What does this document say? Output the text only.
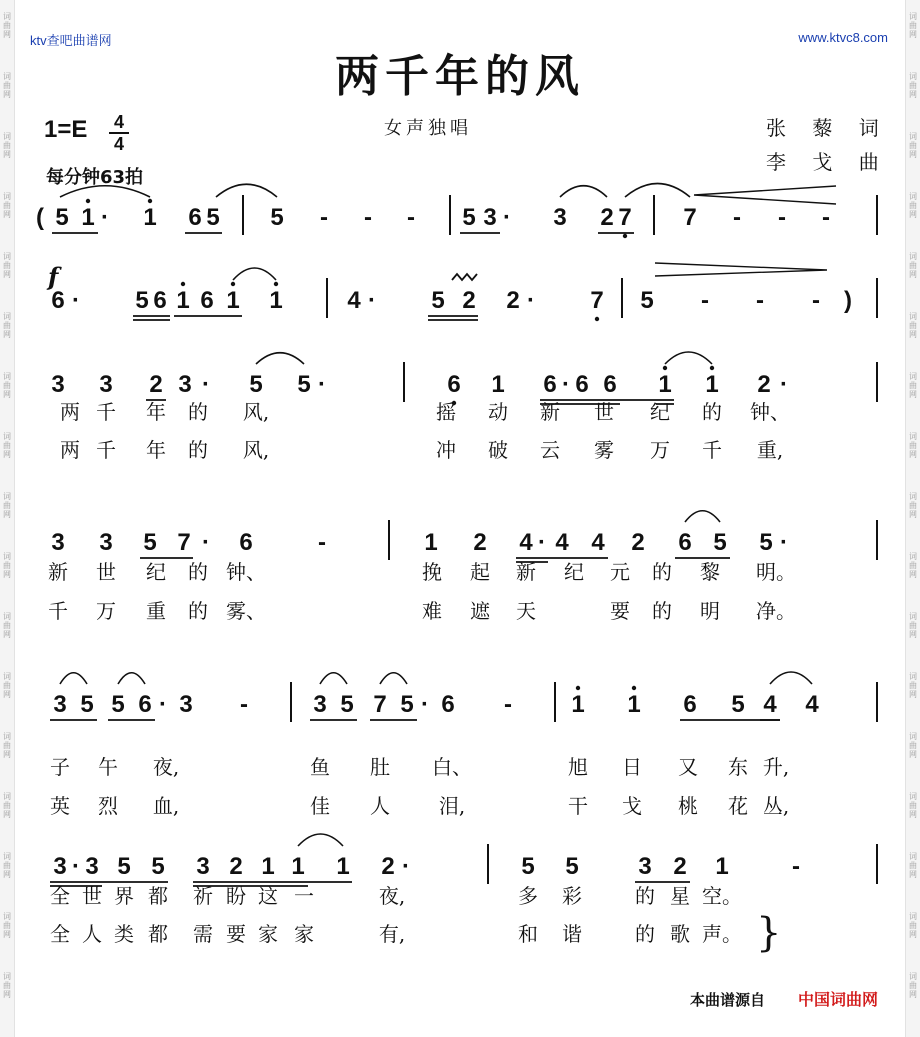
词
曲
网
词
曲
网
词
曲
网
词
曲
网
词
曲
网
词
曲
网
词
曲
网
词
曲
网
词
曲
网
词
曲
网
词
曲
网
词
曲
网
词
曲
网
词
曲
网
词
曲
网
词
曲
网
词
曲
网
词
曲
网
词
曲
网
词
曲
网
词
曲
网
词
曲
网
词
曲
网
词
曲
网
词
曲
网
词
曲
网
词
曲
网
词
曲
网
词
曲
网
词
曲
网
词
曲
网
词
曲
网
词
曲
网
词
曲
网
ktv查吧曲谱网	www.ktvc8.com
两千年的风
1=E	4
4
每分钟63拍
女声独唱	张 藜 词
李 戈 曲
f
( 5 1 · 1 6 5 5 - - - 5 3 · 3 2 7 7 - - -
6 · 5 6 1 6 1 1	4 · 5 2 2 · 7 5 - - - )
3 3 2 3 · 5 5 ·	6 1 6 · 6 6 1 1 2 ·
3 3 5 7 · 6	-	1 2 4 · 4 4 2 6 5 5 ·
3 5 5 6 · 3 -	3 5 7 5 · 6 - 1 1 6 5 4 4
3 · 3 5 5 3 2 1 1 1 2 ·	5 5 3 2 1	-
两 千 年 的 风,	摇 动 新 世 纪 的 钟、
两 千 年 的 风,	冲 破 云 雾 万 千 重,
新 世 纪 的 钟、	挽 起 新 纪 元 的 黎 明。
千 万 重 的 雾、	难 遮 天	要 的 明 净。
子 午 夜,	鱼 肚 白、	旭 日 又 东 升,
英 烈 血,	佳 人 泪,	干 戈 桃 花 丛,
全 世 界 都 祈 盼 这 一	夜,	多 彩	的 星 空。
全 人 类 都 需 要 家 家	有,	和 谐	的 歌 声。 }
本曲谱源自 中国词曲网
